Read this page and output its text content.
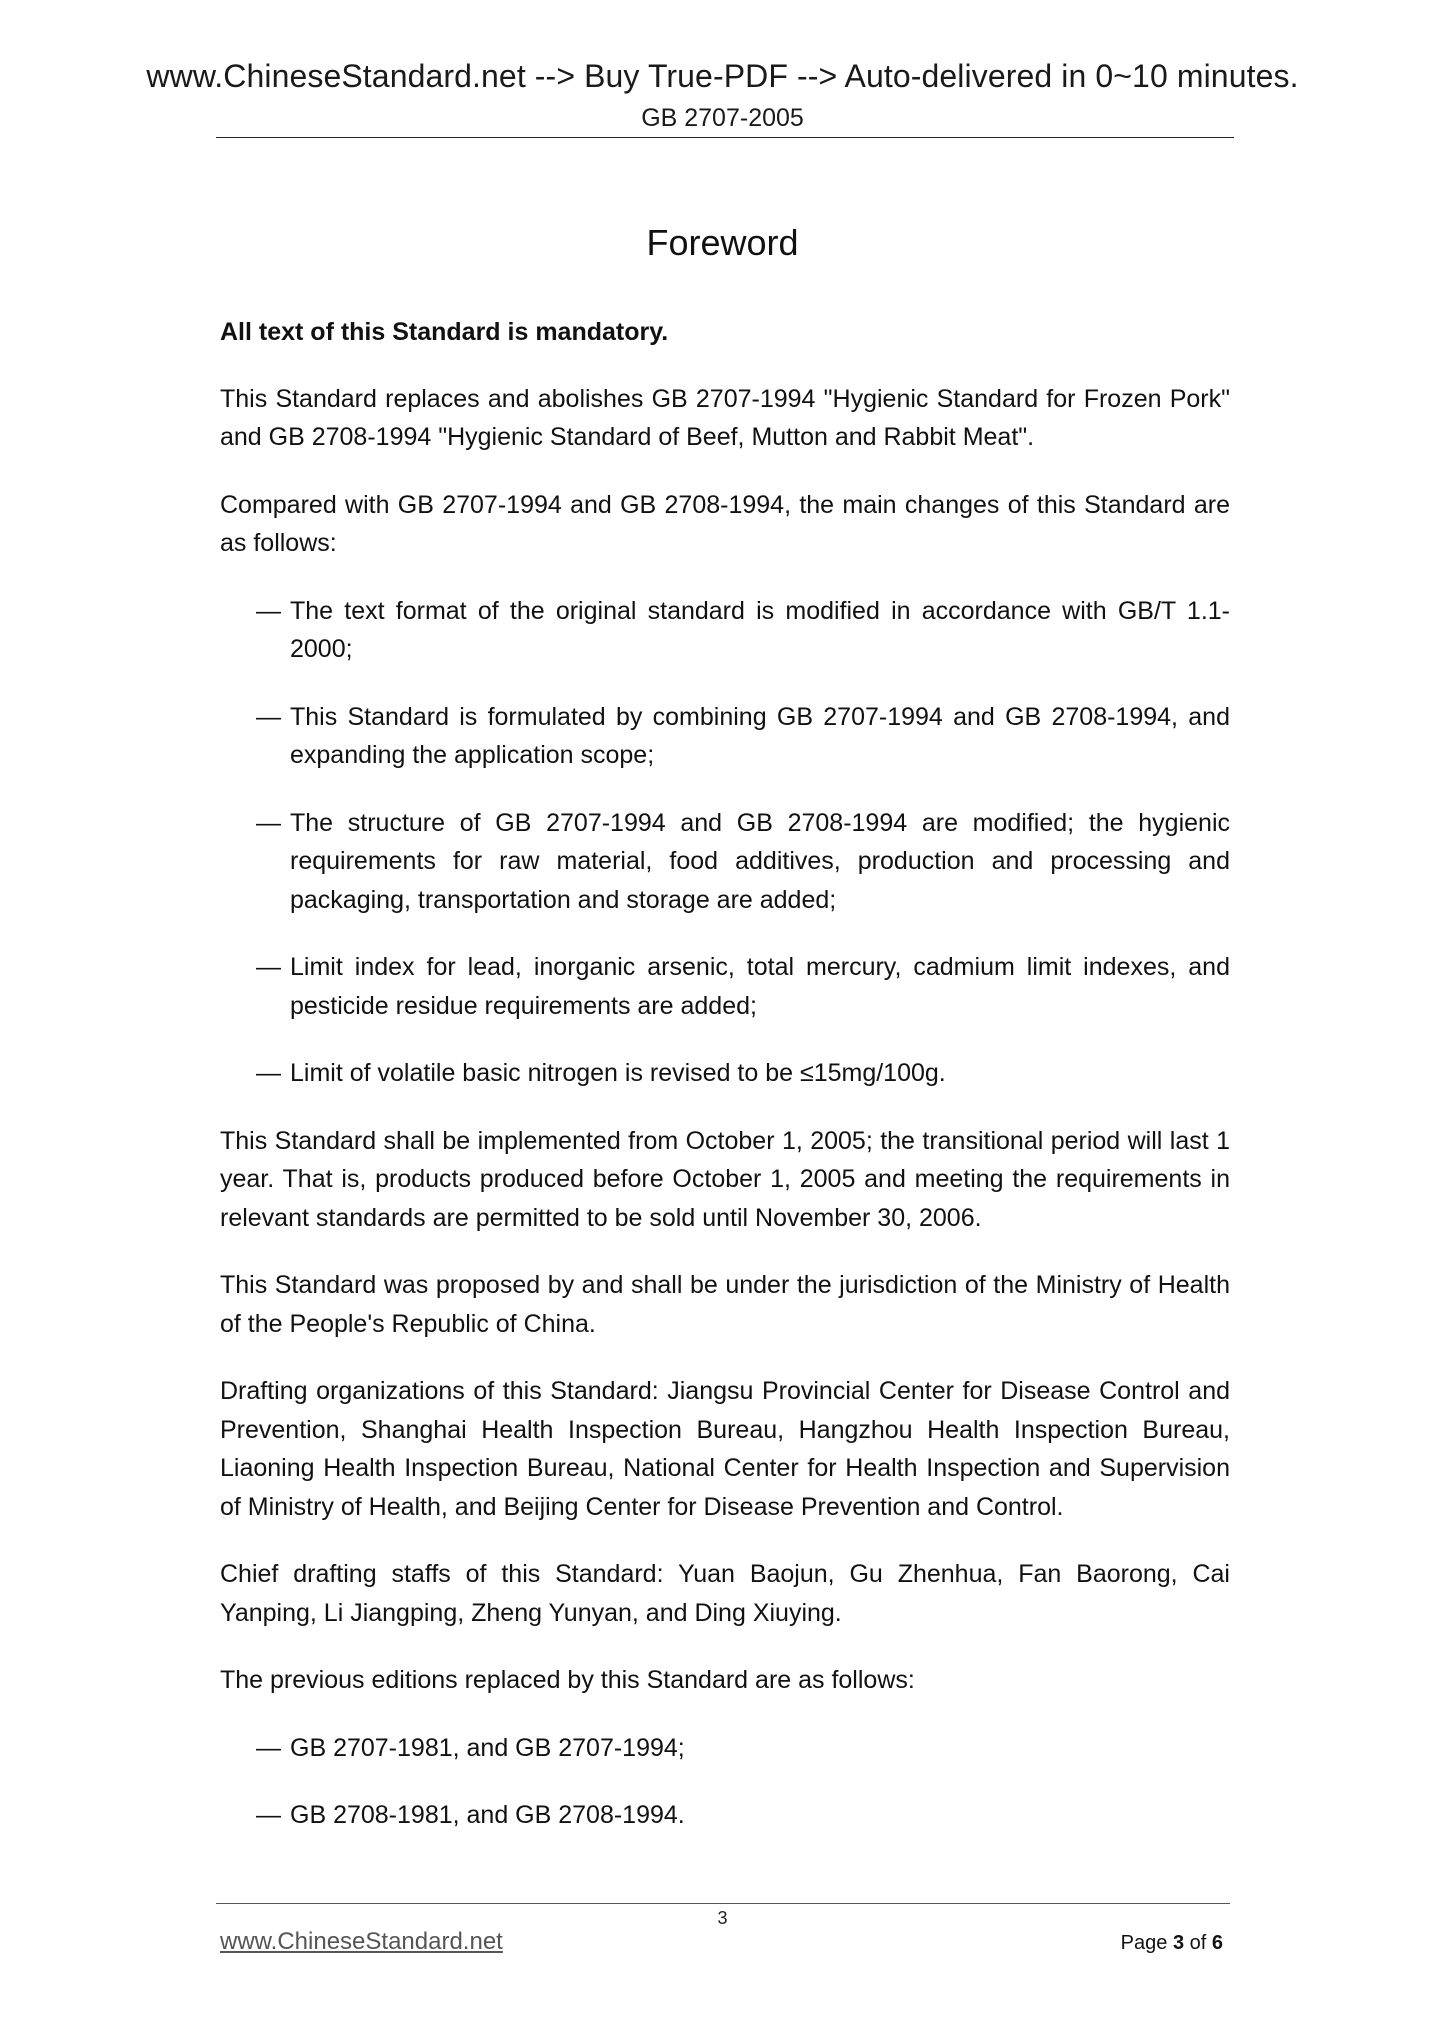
www.ChineseStandard.net --> Buy True-PDF --> Auto-delivered in 0~10 minutes.
GB 2707-2005
Foreword

All text of this Standard is mandatory.

This Standard replaces and abolishes GB 2707-1994 "Hygienic Standard for Frozen Pork" and GB 2708-1994 "Hygienic Standard of Beef, Mutton and Rabbit Meat".

Compared with GB 2707-1994 and GB 2708-1994, the main changes of this Standard are as follows:

— The text format of the original standard is modified in accordance with GB/T 1.1-2000;
— This Standard is formulated by combining GB 2707-1994 and GB 2708-1994, and expanding the application scope;
— The structure of GB 2707-1994 and GB 2708-1994 are modified; the hygienic requirements for raw material, food additives, production and processing and packaging, transportation and storage are added;
— Limit index for lead, inorganic arsenic, total mercury, cadmium limit indexes, and pesticide residue requirements are added;
— Limit of volatile basic nitrogen is revised to be ≤15mg/100g.

This Standard shall be implemented from October 1, 2005; the transitional period will last 1 year. That is, products produced before October 1, 2005 and meeting the requirements in relevant standards are permitted to be sold until November 30, 2006.

This Standard was proposed by and shall be under the jurisdiction of the Ministry of Health of the People's Republic of China.

Drafting organizations of this Standard: Jiangsu Provincial Center for Disease Control and Prevention, Shanghai Health Inspection Bureau, Hangzhou Health Inspection Bureau, Liaoning Health Inspection Bureau, National Center for Health Inspection and Supervision of Ministry of Health, and Beijing Center for Disease Prevention and Control.

Chief drafting staffs of this Standard: Yuan Baojun, Gu Zhenhua, Fan Baorong, Cai Yanping, Li Jiangping, Zheng Yunyan, and Ding Xiuying.

The previous editions replaced by this Standard are as follows:

— GB 2707-1981, and GB 2707-1994;
— GB 2708-1981, and GB 2708-1994.
3
www.ChineseStandard.net	Page 3 of 6
